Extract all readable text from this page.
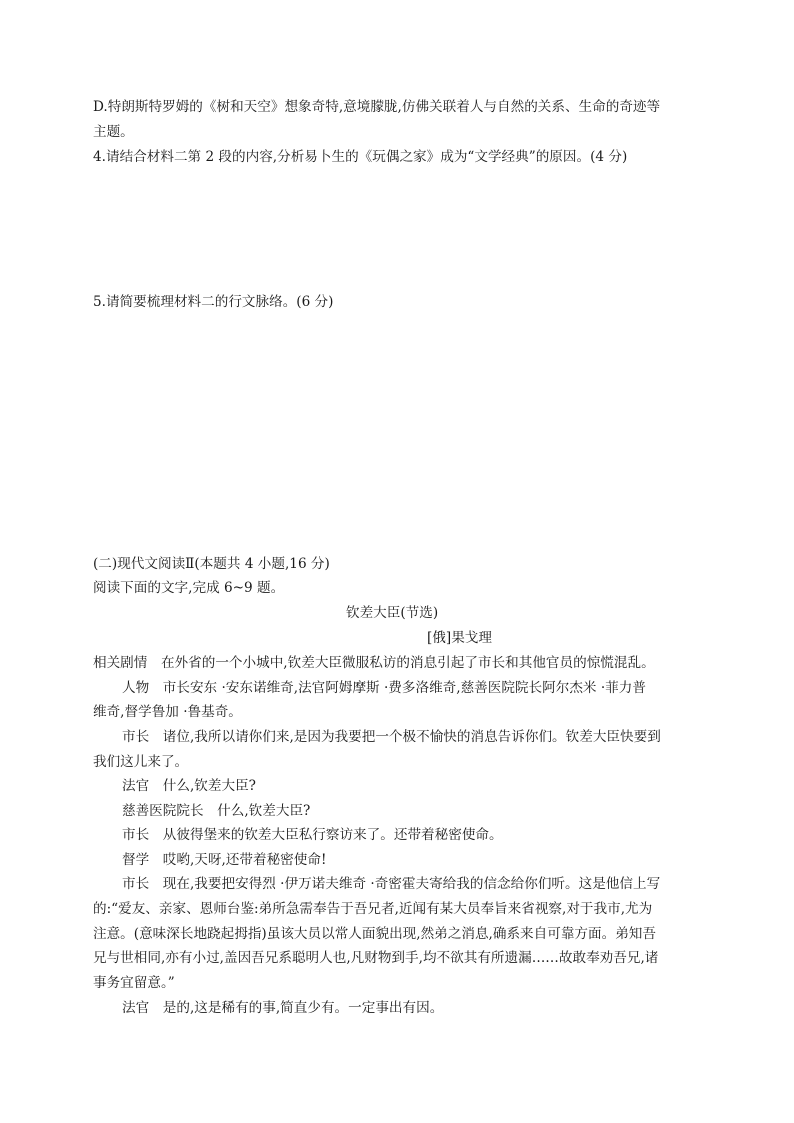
D.特朗斯特罗姆的《树和天空》想象奇特,意境朦胧,仿佛关联着人与自然的关系、生命的奇迹等
主题。
4.请结合材料二第 2 段的内容,分析易卜生的《玩偶之家》成为“文学经典”的原因。(4 分)
5.请简要梳理材料二的行文脉络。(6 分)
(二)现代文阅读Ⅱ(本题共 4 小题,16 分)
阅读下面的文字,完成 6~9 题。
钦差大臣(节选)
[俄]果戈理
相关剧情　在外省的一个小城中,钦差大臣微服私访的消息引起了市长和其他官员的惊慌混乱。
人物　市长安东 ·安东诺维奇,法官阿姆摩斯 ·费多洛维奇,慈善医院院长阿尔杰米 ·菲力普
维奇,督学鲁加 ·鲁基奇。
市长　诸位,我所以请你们来,是因为我要把一个极不愉快的消息告诉你们。钦差大臣快要到
我们这儿来了。
法官　什么,钦差大臣?
慈善医院院长　什么,钦差大臣?
市长　从彼得堡来的钦差大臣私行察访来了。还带着秘密使命。
督学　哎哟,天呀,还带着秘密使命!
市长　现在,我要把安得烈 ·伊万诺夫维奇 ·奇密霍夫寄给我的信念给你们听。这是他信上写
的:“爱友、亲家、恩师台鉴:弟所急需奉告于吾兄者,近闻有某大员奉旨来省视察,对于我市,尤为
注意。(意味深长地跷起拇指)虽该大员以常人面貌出现,然弟之消息,确系来自可靠方面。弟知吾
兄与世相同,亦有小过,盖因吾兄系聪明人也,凡财物到手,均不欲其有所遗漏……故敢奉劝吾兄,诸
事务宜留意。”
法官　是的,这是稀有的事,简直少有。一定事出有因。
